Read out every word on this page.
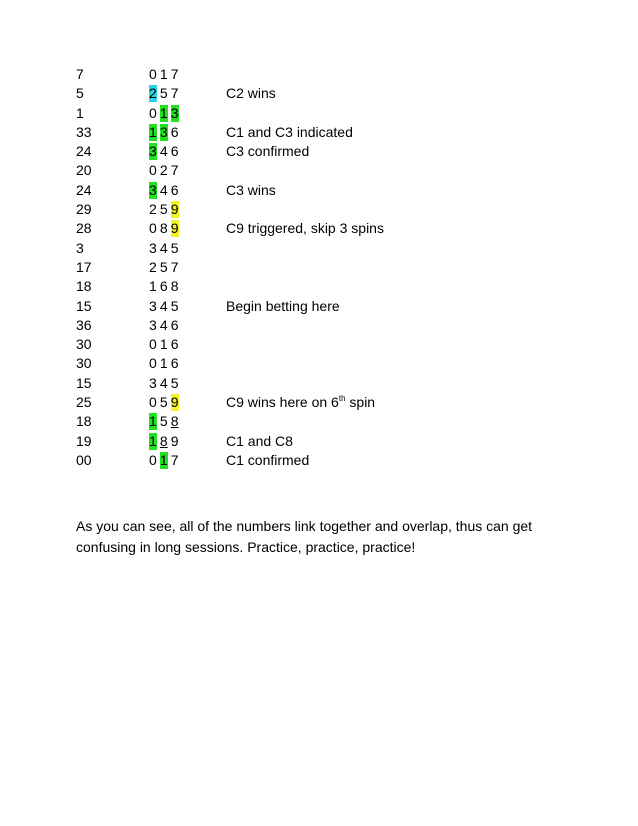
7	0 1 7
5	2 5 7	C2 wins
1	0 1 3
33	1 3 6	C1 and C3 indicated
24	3 4 6	C3 confirmed
20	0 2 7
24	3 4 6	C3 wins
29	2 5 9
28	0 8 9	C9 triggered, skip 3 spins
3	3 4 5
17	2 5 7
18	1 6 8
15	3 4 5	Begin betting here
36	3 4 6
30	0 1 6
30	0 1 6
15	3 4 5
25	0 5 9	C9 wins here on 6th spin
18	1 5 8
19	1 8 9	C1 and C8
00	0 1 7	C1 confirmed
As you can see, all of the numbers link together and overlap, thus can get
confusing in long sessions. Practice, practice, practice!
